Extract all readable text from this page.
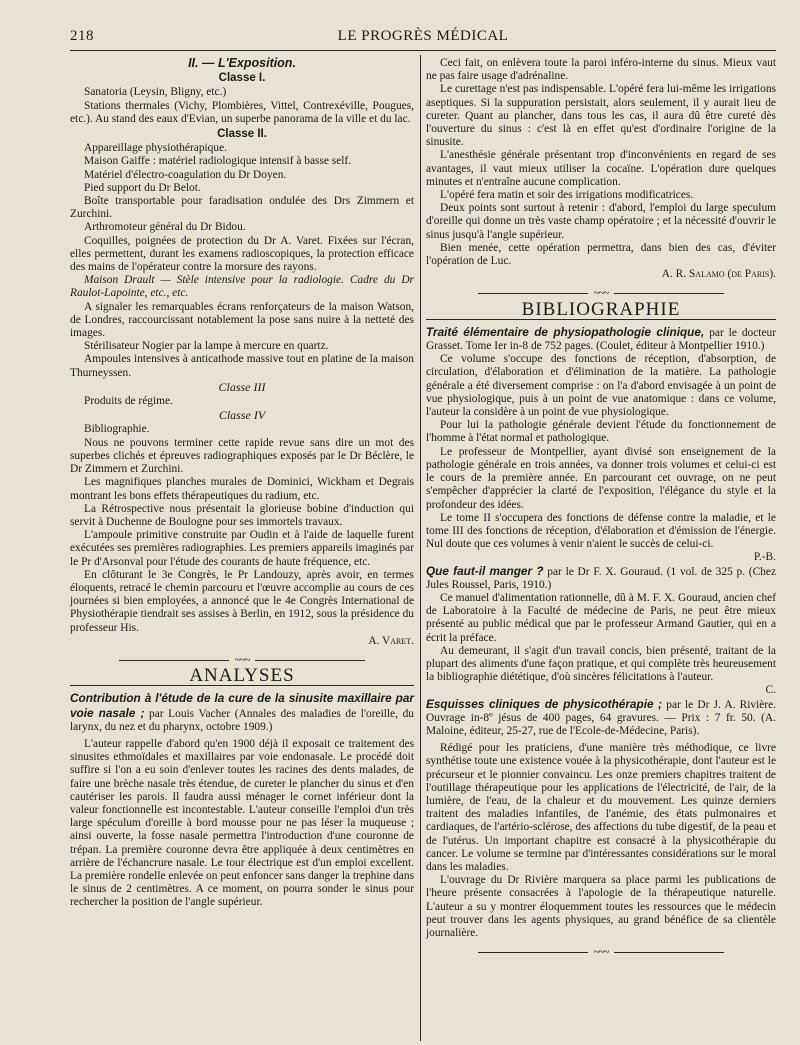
218	LE PROGRÈS MÉDICAL
II. — L'Exposition.
Classe I.

Sanatoria (Leysin, Bligny, etc.)

Stations thermales (Vichy, Plombières, Vittel, Contrexéville, Pougues, etc.). Au stand des eaux d'Evian, un superbe panorama de la ville et du lac.

Classe II.

Appareillage physiothérapique.

Maison Gaiffe : matériel radiologique intensif à basse self.

Matériel d'électro-coagulation du Dr Doyen.

Pied support du Dr Belot.

Boîte transportable pour faradisation ondulée des Drs Zimmern et Zurchini.

Arthromoteur général du Dr Bidou.

Coquilles, poignées de protection du Dr A. Varet. Fixées sur l'écran, elles permettent, durant les examens radioscopiques, la protection efficace des mains de l'opérateur contre la morsure des rayons.

Maison Drault — Stèle intensive pour la radiologie. Cadre du Dr Raulot-Lapointe, etc., etc.

A signaler les remarquables écrans renforçateurs de la maison Watson, de Londres, raccourcissant notablement la pose sans nuire à la netteté des images.

Stérilisateur Nogier par la lampe à mercure en quartz.

Ampoules intensives à anticathode massive tout en platine de la maison Thurneyssen.

Classe III

Produits de régime.

Classe IV

Bibliographie.

Nous ne pouvons terminer cette rapide revue sans dire un mot des superbes clichés et épreuves radiographiques exposés par le Dr Béclère, le Dr Zimmern et Zurchini.

Les magnifiques planches murales de Dominici, Wickham et Degrais montrant les bons effets thérapeutiques du radium, etc.

La Rétrospective nous présentait la glorieuse bobine d'induction qui servit à Duchenne de Boulogne pour ses immortels travaux.

L'ampoule primitive construite par Oudin et à l'aide de laquelle furent exécutées ses premières radiographies. Les premiers appareils imaginés par le Pr d'Arsonval pour l'étude des courants de haute fréquence, etc.

En clôturant le 3e Congrès, le Pr Landouzy, après avoir, en termes éloquents, retracé le chemin parcouru et l'œuvre accomplie au cours de ces journées si bien employées, a annoncé que le 4e Congrès International de Physiothérapie tiendrait ses assises à Berlin, en 1912, sous la présidence du professeur His.

A. Varet.

~~~
ANALYSES

Contribution à l'étude de la cure de la sinusite maxillaire par voie nasale ; par Louis Vacher (Annales des maladies de l'oreille, du larynx, du nez et du pharynx, octobre 1909.)

L'auteur rappelle d'abord qu'en 1900 déjà il exposait ce traitement des sinusites ethmoïdales et maxillaires par voie endonasale. Le procédé doit suffire si l'on a eu soin d'enlever toutes les racines des dents malades, de faire une brèche nasale très étendue, de cureter le plancher du sinus et d'en cautériser les parois. Il faudra aussi ménager le cornet inférieur dont la valeur fonctionnelle est incontestable. L'auteur conseille l'emploi d'un très large spéculum d'oreille à bord mousse pour ne pas léser la muqueuse ; ainsi ouverte, la fosse nasale permettra l'introduction d'une couronne de trépan. La première couronne devra être appliquée à deux centimètres en arrière de l'échancrure nasale. Le tour électrique est d'un emploi excellent. La première rondelle enlevée on peut enfoncer sans danger la trephine dans le sinus de 2 centimètres. A ce moment, on pourra sonder le sinus pour rechercher la position de l'angle supérieur.

Ceci fait, on enlèvera toute la paroi inféro-interne du sinus. Mieux vaut ne pas faire usage d'adrénaline.

Le curettage n'est pas indispensable. L'opéré fera lui-même les irrigations aseptiques. Si la suppuration persistait, alors seulement, il y aurait lieu de cureter. Quant au plancher, dans tous les cas, il aura dû être cureté dès l'ouverture du sinus : c'est là en effet qu'est d'ordinaire l'origine de la sinusite.

L'anesthésie générale présentant trop d'inconvénients en regard de ses avantages, il vaut mieux utiliser la cocaïne. L'opération dure quelques minutes et n'entraîne aucune complication.

L'opéré fera matin et soir des irrigations modificatrices.

Deux points sont surtout à retenir : d'abord, l'emploi du large speculum d'oreille qui donne un très vaste champ opératoire ; et la nécessité d'ouvrir le sinus jusqu'à l'angle supérieur.

Bien menée, cette opération permettra, dans bien des cas, d'éviter l'opération de Luc.

A. R. Salamo (de Paris).

~~~
BIBLIOGRAPHIE

Traité élémentaire de physiopathologie clinique, par le docteur Grasset. Tome Ier in-8 de 752 pages. (Coulet, éditeur à Montpellier 1910.)

Ce volume s'occupe des fonctions de réception, d'absorption, de circulation, d'élaboration et d'élimination de la matière. La pathologie générale a été diversement comprise : on l'a d'abord envisagée à un point de vue physiologique, puis à un point de vue anatomique : dans ce volume, l'auteur la considère à un point de vue physiologique.

Pour lui la pathologie générale devient l'étude du fonctionnement de l'homme à l'état normal et pathologique.

Le professeur de Montpellier, ayant divisé son enseignement de la pathologie générale en trois années, va donner trois volumes et celui-ci est le cours de la première année. En parcourant cet ouvrage, on ne peut s'empêcher d'apprécier la clarté de l'exposition, l'élégance du style et la profondeur des idées.

Le tome II s'occupera des fonctions de défense contre la maladie, et le tome III des fonctions de réception, d'élaboration et d'émission de l'énergie. Nul doute que ces volumes à venir n'aient le succès de celui-ci.

P.-B.

Que faut-il manger ? par le Dr F. X. Gouraud. (1 vol. de 325 p. (Chez Jules Roussel, Paris, 1910.)

Ce manuel d'alimentation rationnelle, dû à M. F. X. Gouraud, ancien chef de Laboratoire à la Faculté de médecine de Paris, ne peut être mieux présenté au public médical que par le professeur Armand Gautier, qui en a écrit la préface.

Au demeurant, il s'agit d'un travail concis, bien présenté, traitant de la plupart des aliments d'une façon pratique, et qui complète très heureusement la bibliographie diététique, d'où sincères félicitations à l'auteur.

C.

Esquisses cliniques de physicothérapie ; par le Dr J. A. Rivière. Ouvrage in-8º jésus de 400 pages, 64 gravures. — Prix : 7 fr. 50. (A. Maloine, éditeur, 25-27, rue de l'Ecole-de-Médecine, Paris).

Rédigé pour les praticiens, d'une manière très méthodique, ce livre synthétise toute une existence vouée à la physicothérapie, dont l'auteur est le précurseur et le pionnier convaincu. Les onze premiers chapitres traitent de l'outillage thérapeutique pour les applications de l'électricité, de l'air, de la lumière, de l'eau, de la chaleur et du mouvement. Les quinze derniers traitent des maladies infantiles, de l'anémie, des états pulmonaires et cardiaques, de l'artério-sclérose, des affections du tube digestif, de la peau et de l'utérus. Un important chapitre est consacré à la physicothérapie du cancer. Le volume se termine par d'intéressantes considérations sur le moral dans les maladies.

L'ouvrage du Dr Rivière marquera sa place parmi les publications de l'heure présente consacrées à l'apologie de la thérapeutique naturelle. L'auteur a su y montrer éloquemment toutes les ressources que le médecin peut trouver dans les agents physiques, au grand bénéfice de sa clientèle journalière.

~~~
